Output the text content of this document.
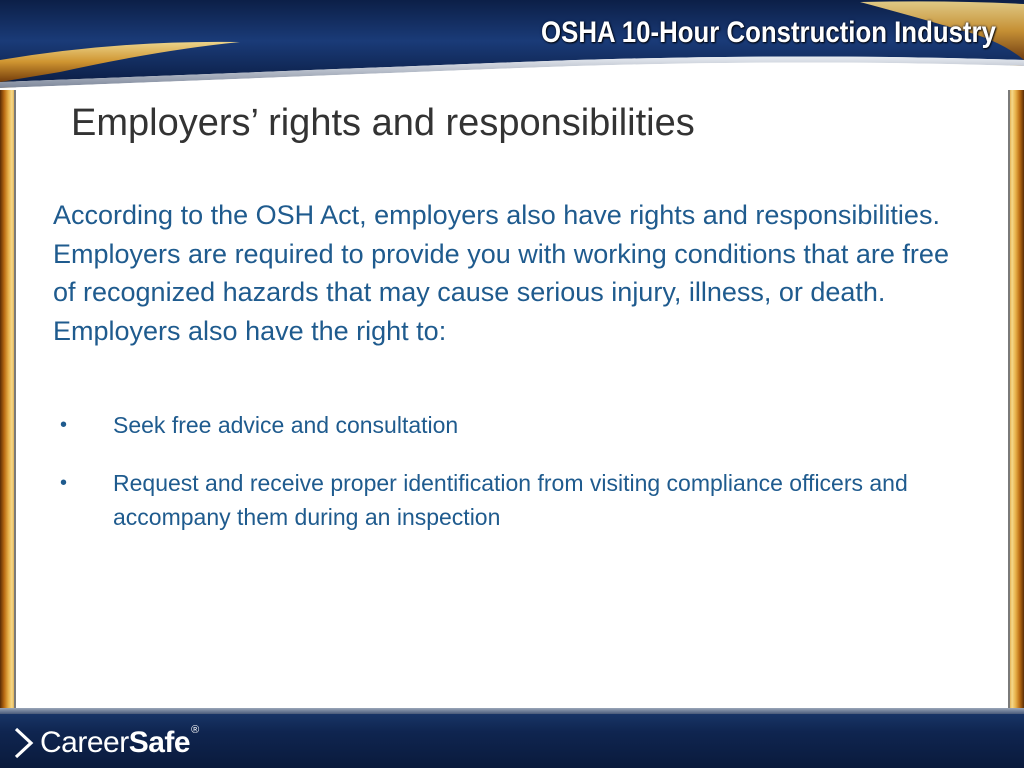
OSHA 10-Hour Construction Industry
Employers’ rights and responsibilities

According to the OSH Act, employers also have rights and responsibilities. Employers are required to provide you with working conditions that are free of recognized hazards that may cause serious injury, illness, or death. Employers also have the right to:

• Seek free advice and consultation
• Request and receive proper identification from visiting compliance officers and accompany them during an inspection
Career Safe ®
